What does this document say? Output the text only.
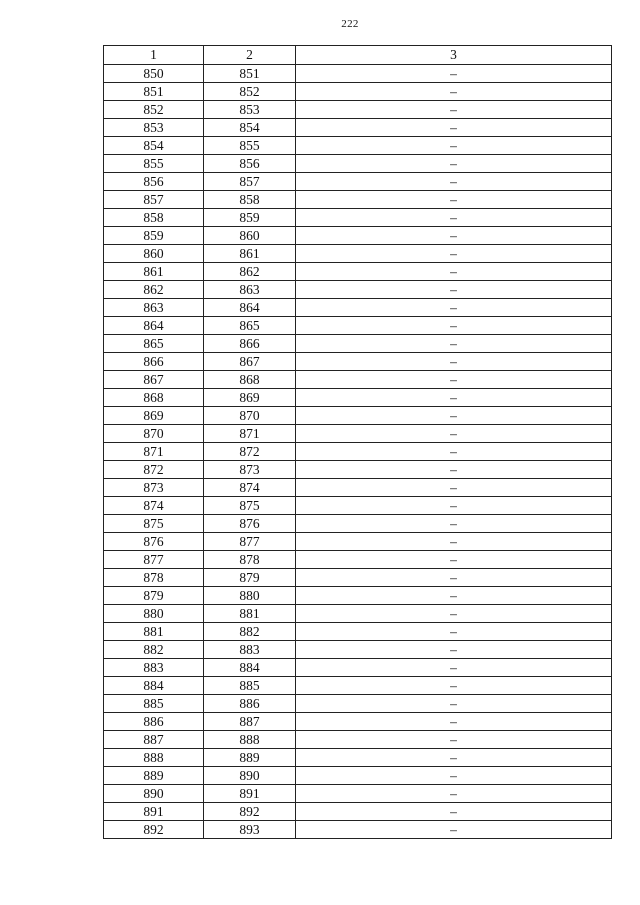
222
1	2	3
850	851	–
851	852	–
852	853	–
853	854	–
854	855	–
855	856	–
856	857	–
857	858	–
858	859	–
859	860	–
860	861	–
861	862	–
862	863	–
863	864	–
864	865	–
865	866	–
866	867	–
867	868	–
868	869	–
869	870	–
870	871	–
871	872	–
872	873	–
873	874	–
874	875	–
875	876	–
876	877	–
877	878	–
878	879	–
879	880	–
880	881	–
881	882	–
882	883	–
883	884	–
884	885	–
885	886	–
886	887	–
887	888	–
888	889	–
889	890	–
890	891	–
891	892	–
892	893	–
